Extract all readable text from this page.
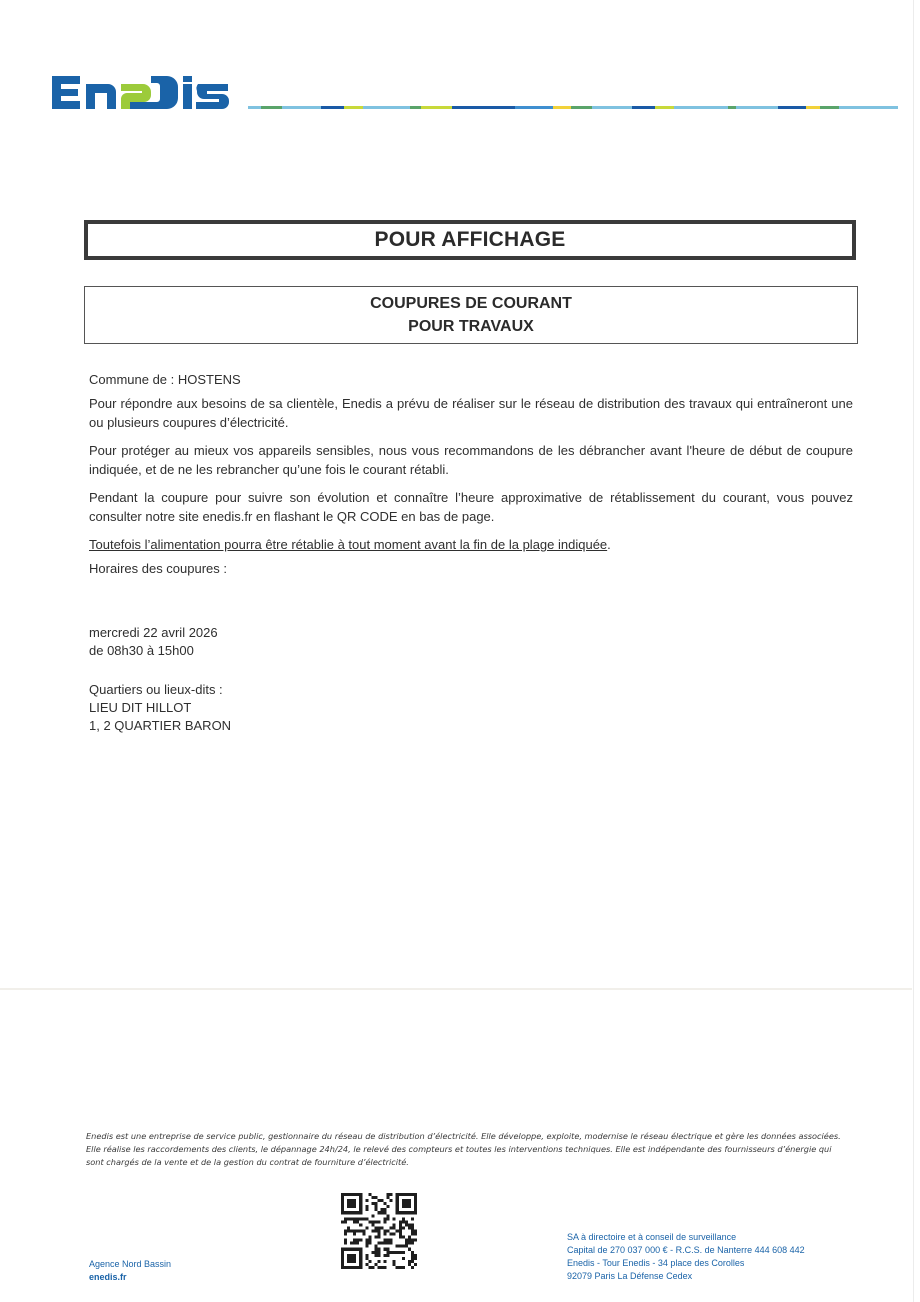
POUR AFFICHAGE
COUPURES DE COURANT
POUR TRAVAUX
Commune de : HOSTENS
Pour répondre aux besoins de sa clientèle, Enedis a prévu de réaliser sur le réseau de distribution des travaux qui entraîneront une ou plusieurs coupures d’électricité.
Pour protéger au mieux vos appareils sensibles, nous vous recommandons de les débrancher avant l'heure de début de coupure indiquée, et de ne les rebrancher qu’une fois le courant rétabli.
Pendant la coupure pour suivre son évolution et connaître l’heure approximative de rétablissement du courant, vous pouvez consulter notre site enedis.fr en flashant le QR CODE en bas de page.
Toutefois l’alimentation pourra être rétablie à tout moment avant la fin de la plage indiquée.
Horaires des coupures :
mercredi 22 avril 2026
de 08h30 à 15h00
Quartiers ou lieux-dits :
LIEU DIT HILLOT
1, 2 QUARTIER BARON
Enedis est une entreprise de service public, gestionnaire du réseau de distribution d’électricité. Elle développe, exploite, modernise le réseau électrique et gère les données associées. Elle réalise les raccordements des clients, le dépannage 24h/24, le relevé des compteurs et toutes les interventions techniques. Elle est indépendante des fournisseurs d’énergie qui sont chargés de la vente et de la gestion du contrat de fourniture d’électricité.
Agence Nord Bassin
enedis.fr
SA à directoire et à conseil de surveillance
Capital de 270 037 000 € - R.C.S. de Nanterre 444 608 442
Enedis - Tour Enedis - 34 place des Corolles
92079 Paris La Défense Cedex
